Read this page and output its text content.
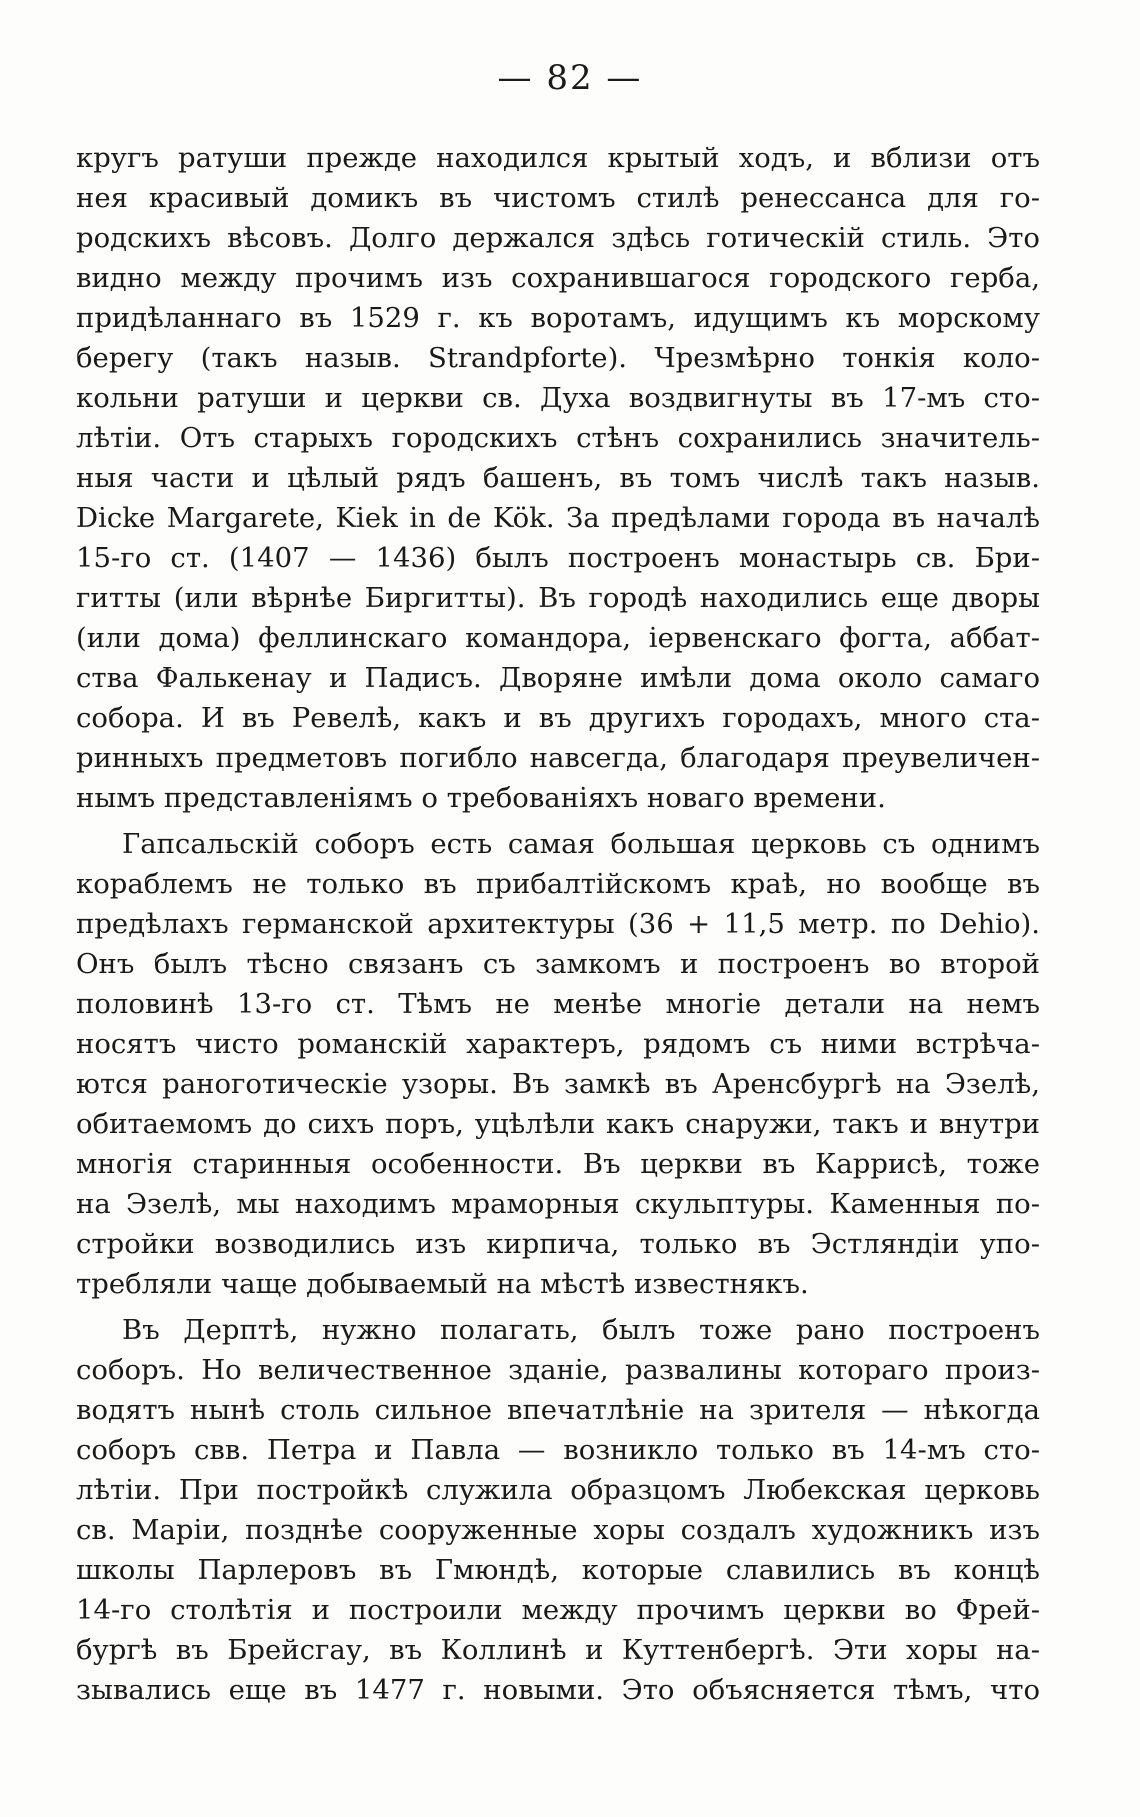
— 82 —
кругъ ратуши прежде находился крытый ходъ, и вблизи отъ
нея красивый домикъ въ чистомъ стилѣ ренессанса для го-
родскихъ вѣсовъ. Долго держался здѣсь готическій стиль. Это
видно между прочимъ изъ сохранившагося городского герба,
придѣланнаго въ 1529 г. къ воротамъ, идущимъ къ морскому
берегу (такъ назыв. Strandpforte). Чрезмѣрно тонкія коло-
кольни ратуши и церкви св. Духа воздвигнуты въ 17-мъ сто-
лѣтіи. Отъ старыхъ городскихъ стѣнъ сохранились значитель-
ныя части и цѣлый рядъ башенъ, въ томъ числѣ такъ назыв.
Dicke Margarete, Kiek in de Kök. За предѣлами города въ началѣ
15-го ст. (1407 — 1436) былъ построенъ монастырь св. Бри-
гитты (или вѣрнѣе Биргитты). Въ городѣ находились еще дворы
(или дома) феллинскаго командора, іервенскаго фогта, аббат-
ства Фалькенау и Падисъ. Дворяне имѣли дома около самаго
собора. И въ Ревелѣ, какъ и въ другихъ городахъ, много ста-
ринныхъ предметовъ погибло навсегда, благодаря преувеличен-
нымъ представленіямъ о требованіяхъ новаго времени.
Гапсальскій соборъ есть самая большая церковь съ однимъ
кораблемъ не только въ прибалтійскомъ краѣ, но вообще въ
предѣлахъ германской архитектуры (36 + 11,5 метр. по Dehio).
Онъ былъ тѣсно связанъ съ замкомъ и построенъ во второй
половинѣ 13-го ст. Тѣмъ не менѣе многіе детали на немъ
носятъ чисто романскій характеръ, рядомъ съ ними встрѣча-
ются раноготическіе узоры. Въ замкѣ въ Аренсбургѣ на Эзелѣ,
обитаемомъ до сихъ поръ, уцѣлѣли какъ снаружи, такъ и внутри
многія старинныя особенности. Въ церкви въ Каррисѣ, тоже
на Эзелѣ, мы находимъ мраморныя скульптуры. Каменныя по-
стройки возводились изъ кирпича, только въ Эстляндіи упо-
требляли чаще добываемый на мѣстѣ известнякъ.
Въ Дерптѣ, нужно полагать, былъ тоже рано построенъ
соборъ. Но величественное зданіе, развалины котораго произ-
водятъ нынѣ столь сильное впечатлѣніе на зрителя — нѣкогда
соборъ свв. Петра и Павла — возникло только въ 14-мъ сто-
лѣтіи. При постройкѣ служила образцомъ Любекская церковь
св. Маріи, позднѣе сооруженные хоры создалъ художникъ изъ
школы Парлеровъ въ Гмюндѣ, которые славились въ концѣ
14-го столѣтія и построили между прочимъ церкви во Фрей-
бургѣ въ Брейсгау, въ Коллинѣ и Куттенбергѣ. Эти хоры на-
зывались еще въ 1477 г. новыми. Это объясняется тѣмъ, что
